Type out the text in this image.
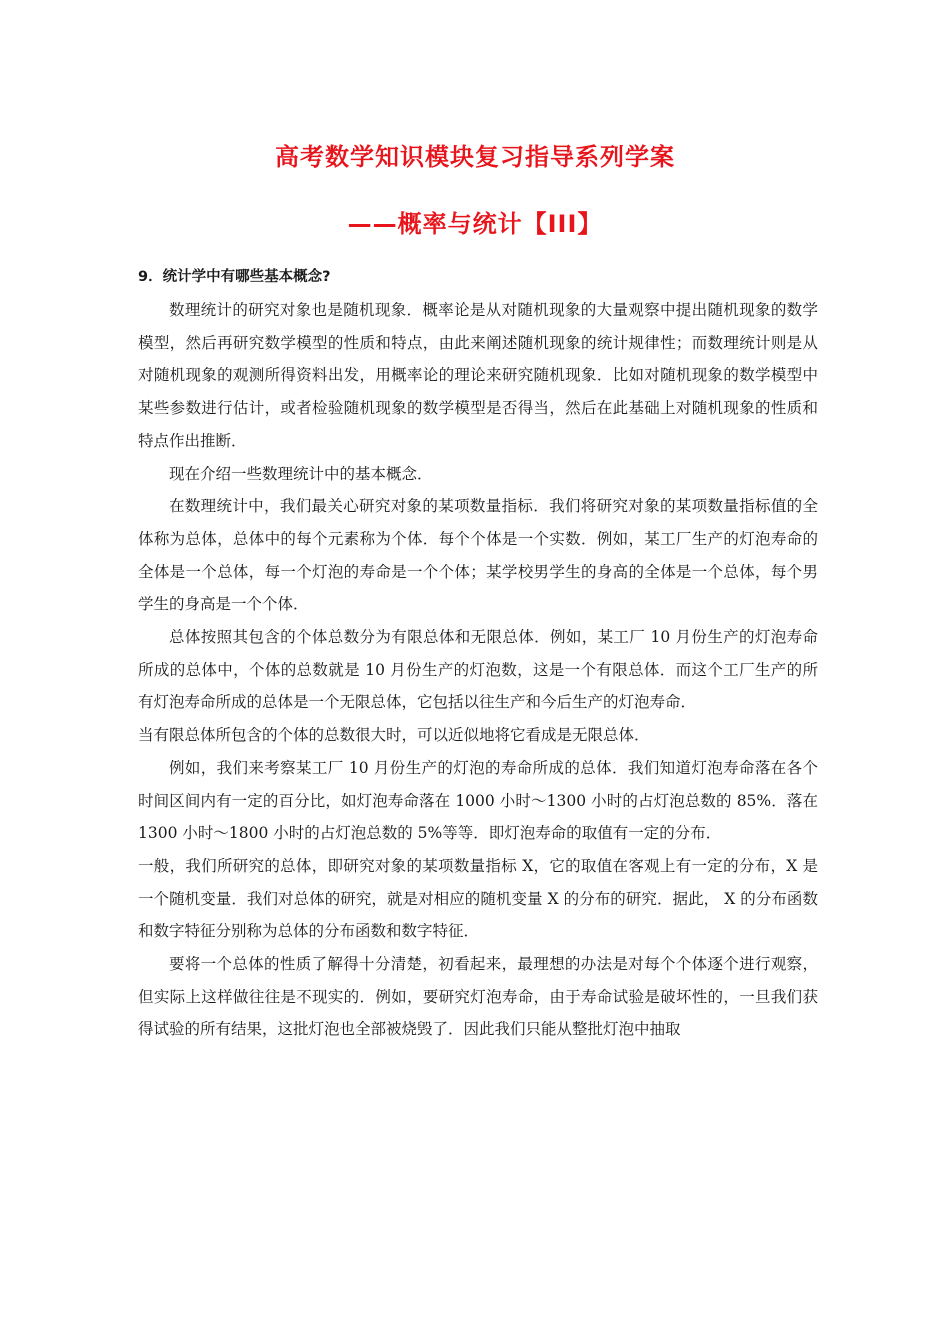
高考数学知识模块复习指导系列学案
——概率与统计【III】
9．统计学中有哪些基本概念?

数理统计的研究对象也是随机现象．概率论是从对随机现象的大量观察中提出随机现象的数学模型，然后再研究数学模型的性质和特点，由此来阐述随机现象的统计规律性；而数理统计则是从对随机现象的观测所得资料出发，用概率论的理论来研究随机现象．比如对随机现象的数学模型中某些参数进行估计，或者检验随机现象的数学模型是否得当，然后在此基础上对随机现象的性质和特点作出推断．

现在介绍一些数理统计中的基本概念．

在数理统计中，我们最关心研究对象的某项数量指标．我们将研究对象的某项数量指标值的全体称为总体，总体中的每个元素称为个体．每个个体是一个实数．例如，某工厂生产的灯泡寿命的全体是一个总体，每一个灯泡的寿命是一个个体；某学校男学生的身高的全体是一个总体，每个男学生的身高是一个个体．

总体按照其包含的个体总数分为有限总体和无限总体．例如，某工厂 10 月份生产的灯泡寿命所成的总体中，个体的总数就是 10 月份生产的灯泡数，这是一个有限总体．而这个工厂生产的所有灯泡寿命所成的总体是一个无限总体，它包括以往生产和今后生产的灯泡寿命．

当有限总体所包含的个体的总数很大时，可以近似地将它看成是无限总体．

例如，我们来考察某工厂 10 月份生产的灯泡的寿命所成的总体．我们知道灯泡寿命落在各个时间区间内有一定的百分比，如灯泡寿命落在 1000 小时～1300 小时的占灯泡总数的 85%．落在 1300 小时～1800 小时的占灯泡总数的 5%等等．即灯泡寿命的取值有一定的分布．

一般，我们所研究的总体，即研究对象的某项数量指标 X，它的取值在客观上有一定的分布，X 是一个随机变量．我们对总体的研究，就是对相应的随机变量 X 的分布的研究．据此， X 的分布函数和数字特征分别称为总体的分布函数和数字特征．

要将一个总体的性质了解得十分清楚，初看起来，最理想的办法是对每个个体逐个进行观察，但实际上这样做往往是不现实的．例如，要研究灯泡寿命，由于寿命试验是破坏性的，一旦我们获得试验的所有结果，这批灯泡也全部被烧毁了．因此我们只能从整批灯泡中抽取
